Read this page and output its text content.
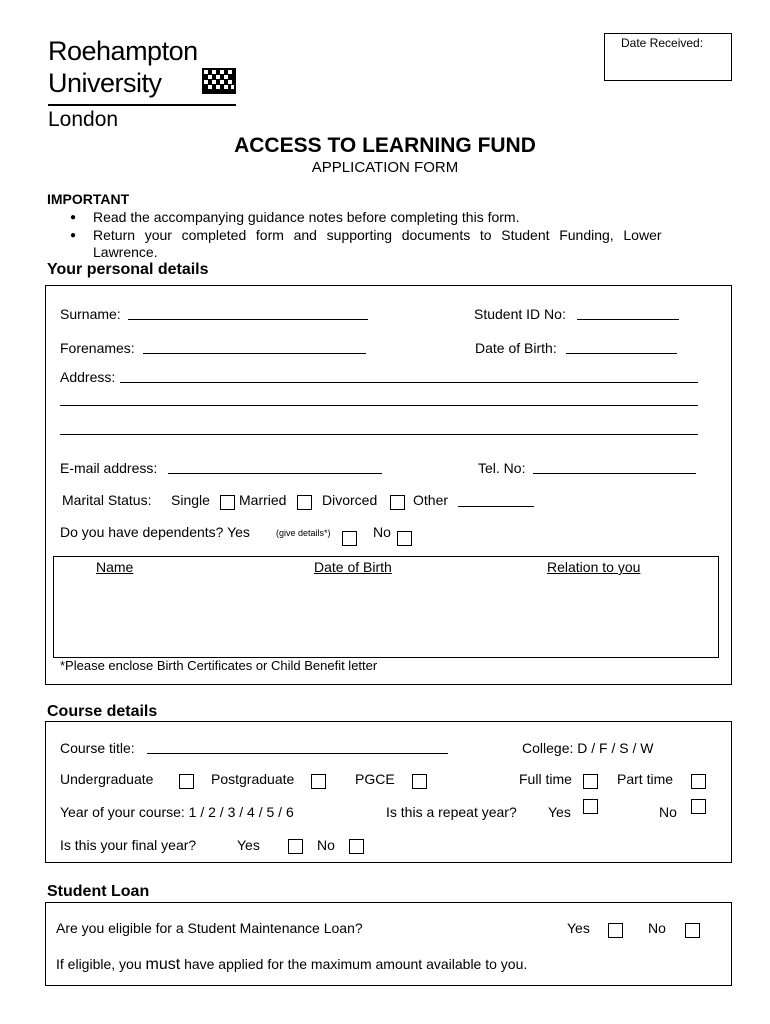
Date Received:
Roehampton
University
London
ACCESS TO LEARNING FUND
APPLICATION FORM
IMPORTANT
● Read the accompanying guidance notes before completing this form.
● Return your completed form and supporting documents to Student Funding, Lower
Lawrence.
Your personal details
Surname:	Student ID No:
Forenames:	Date of Birth:
Address:
E-mail address:	Tel. No:
Marital Status: Single Married	Divorced	Other
Do you have dependents? Yes	(give details*)	No
Name	Date of Birth	Relation to you
*Please enclose Birth Certificates or Child Benefit letter
Course details
Course title:	College: D / F / S / W
Undergraduate	Postgraduate	PGCE	Full time	Part time
Year of your course: 1 / 2 / 3 / 4 / 5 / 6	Is this a repeat year? Yes	No
Is this your final year?	Yes	No
Student Loan
Are you eligible for a Student Maintenance Loan?	Yes	No
If eligible, you must have applied for the maximum amount available to you.
